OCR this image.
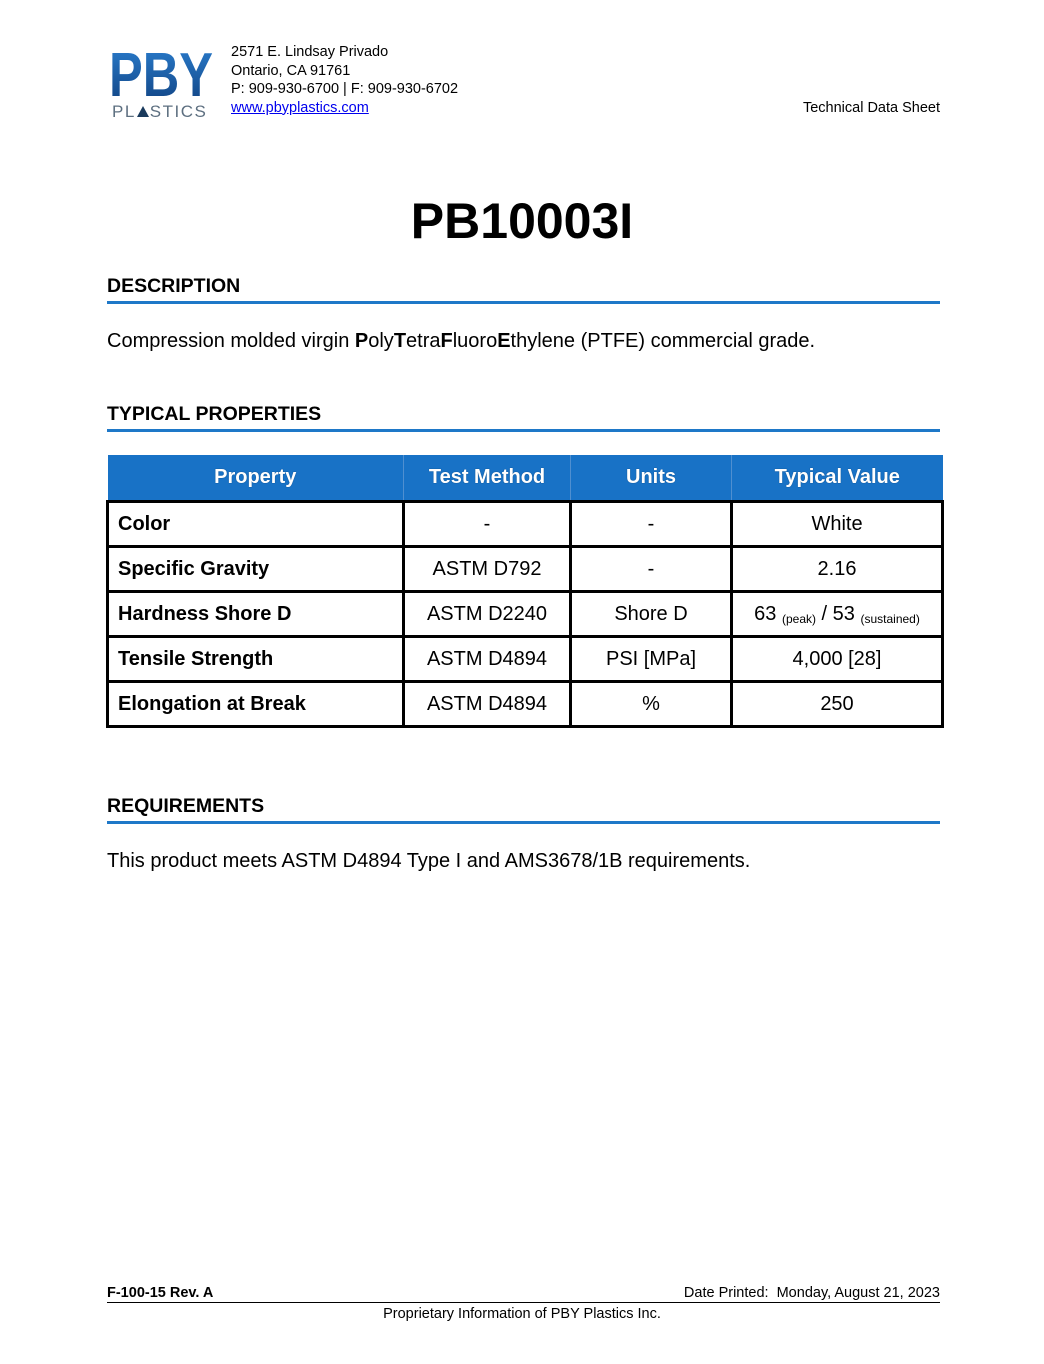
PBY
PL STICS
2571 E. Lindsay Privado
Ontario, CA 91761
P: 909-930-6700 | F: 909-930-6702
www.pbyplastics.com	Technical Data Sheet
PB10003I
DESCRIPTION
Compression molded virgin PolyTetraFluoroEthylene (PTFE) commercial grade.
TYPICAL PROPERTIES
Property	Test Method	Units	Typical Value
Color	-	-	White
Specific Gravity	ASTM D792	-	2.16
Hardness Shore D	ASTM D2240	Shore D	63 $_{(peak)}$ / 53 $_{(sustained)}$
Tensile Strength	ASTM D4894	PSI [MPa]	4,000 [28]
Elongation at Break	ASTM D4894	%	250
REQUIREMENTS
This product meets ASTM D4894 Type I and AMS3678/1B requirements.
F-100-15 Rev. A	Date Printed:  Monday, August 21, 2023
Proprietary Information of PBY Plastics Inc.
